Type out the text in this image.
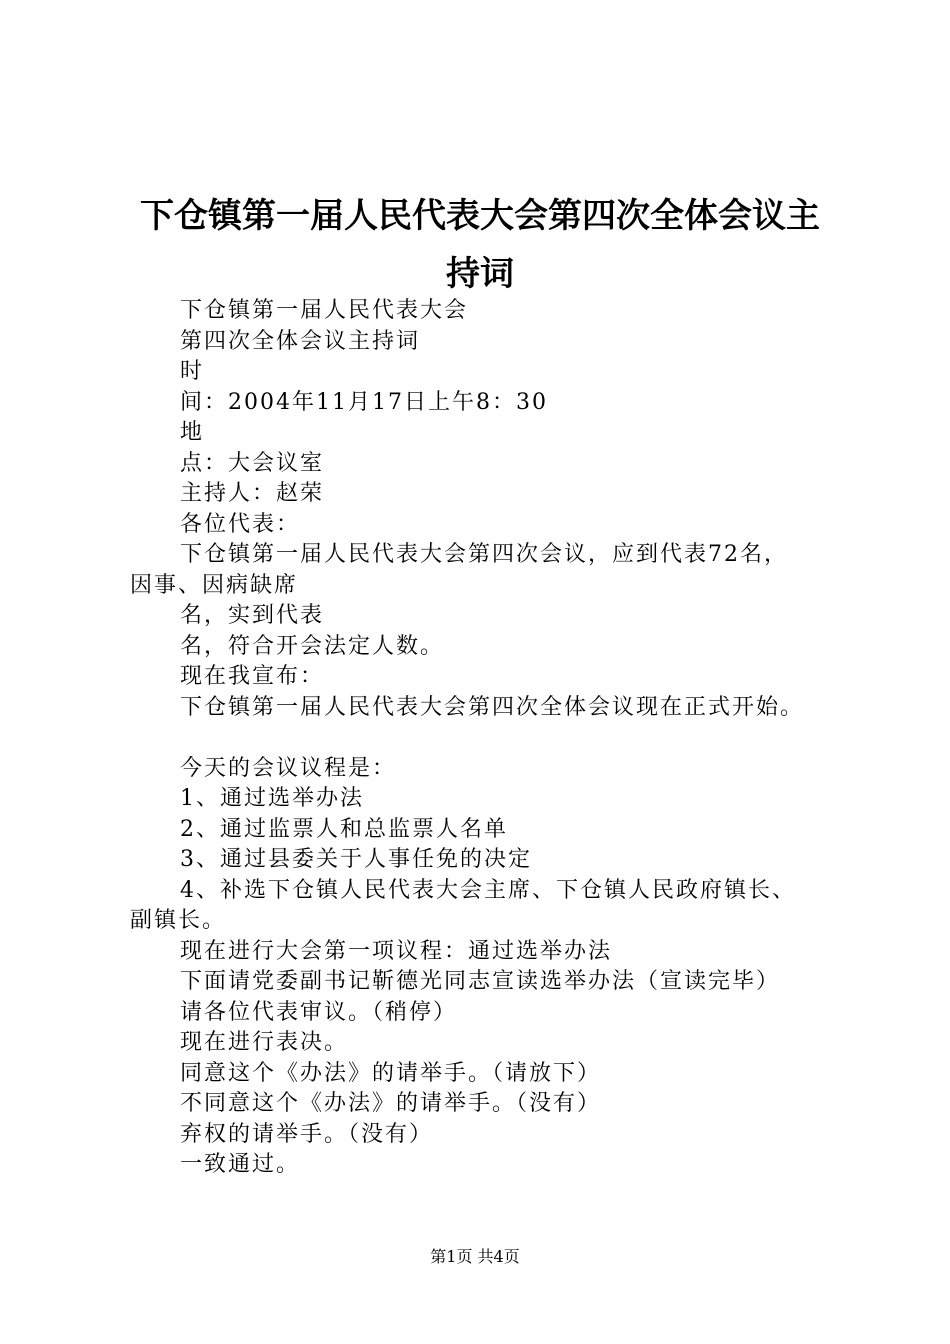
下仓镇第一届人民代表大会第四次全体会议主
持词
下仓镇第一届人民代表大会
第四次全体会议主持词
时
间：2004年11月17日上午8：30
地
点：大会议室
主持人：赵荣
各位代表：
下仓镇第一届人民代表大会第四次会议，应到代表72名，
因事、因病缺席
名，实到代表
名，符合开会法定人数。
现在我宣布：
下仓镇第一届人民代表大会第四次全体会议现在正式开始。
今天的会议议程是：
1、通过选举办法
2、通过监票人和总监票人名单
3、通过县委关于人事任免的决定
4、补选下仓镇人民代表大会主席、下仓镇人民政府镇长、
副镇长。
现在进行大会第一项议程：通过选举办法
下面请党委副书记靳德光同志宣读选举办法（宣读完毕）
请各位代表审议。（稍停）
现在进行表决。
同意这个《办法》的请举手。（请放下）
不同意这个《办法》的请举手。（没有）
弃权的请举手。（没有）
一致通过。
第1页 共4页
